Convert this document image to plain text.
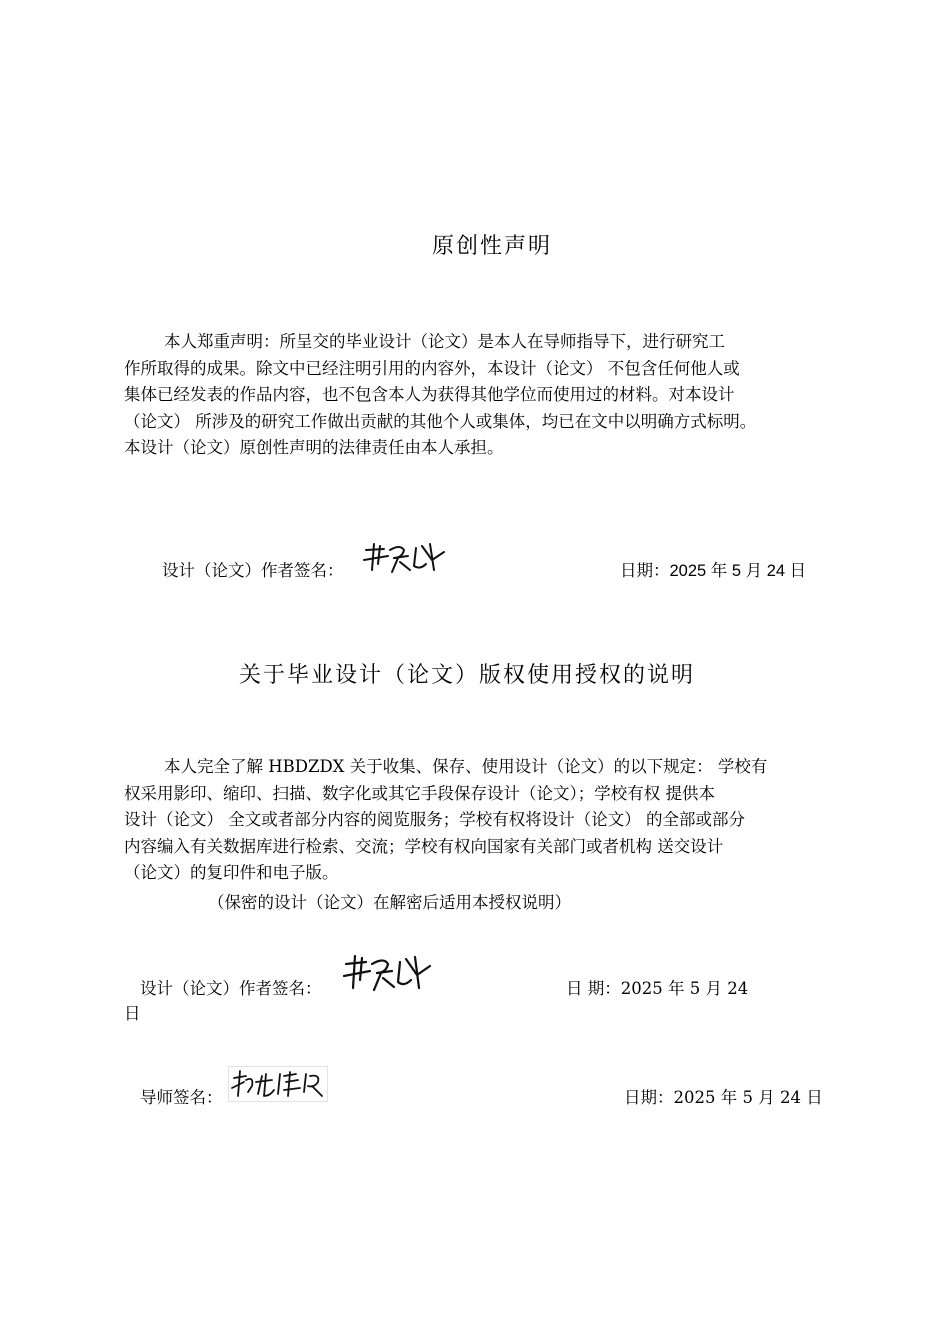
原创性声明
本人郑重声明：所呈交的毕业设计（论文）是本人在导师指导下，进行研究工
作所取得的成果。除文中已经注明引用的内容外，本设计（论文） 不包含任何他人或
集体已经发表的作品内容，也不包含本人为获得其他学位而使用过的材料。对本设计
（论文） 所涉及的研究工作做出贡献的其他个人或集体，均已在文中以明确方式标明。
本设计（论文）原创性声明的法律责任由本人承担。
设计（论文）作者签名：	日期：2025 年 5 月 24 日
关于毕业设计（论文）版权使用授权的说明
本人完全了解 HBDZDX 关于收集、保存、使用设计（论文）的以下规定： 学校有
权采用影印、缩印、扫描、数字化或其它手段保存设计（论文）；学校有权 提供本
设计（论文） 全文或者部分内容的阅览服务；学校有权将设计（论文） 的全部或部分
内容编入有关数据库进行检索、交流；学校有权向国家有关部门或者机构 送交设计
（论文）的复印件和电子版。
（保密的设计（论文）在解密后适用本授权说明）
设计（论文）作者签名：	日 期：2025 年 5 月 24
日
导师签名：	日期：2025 年 5 月 24 日
